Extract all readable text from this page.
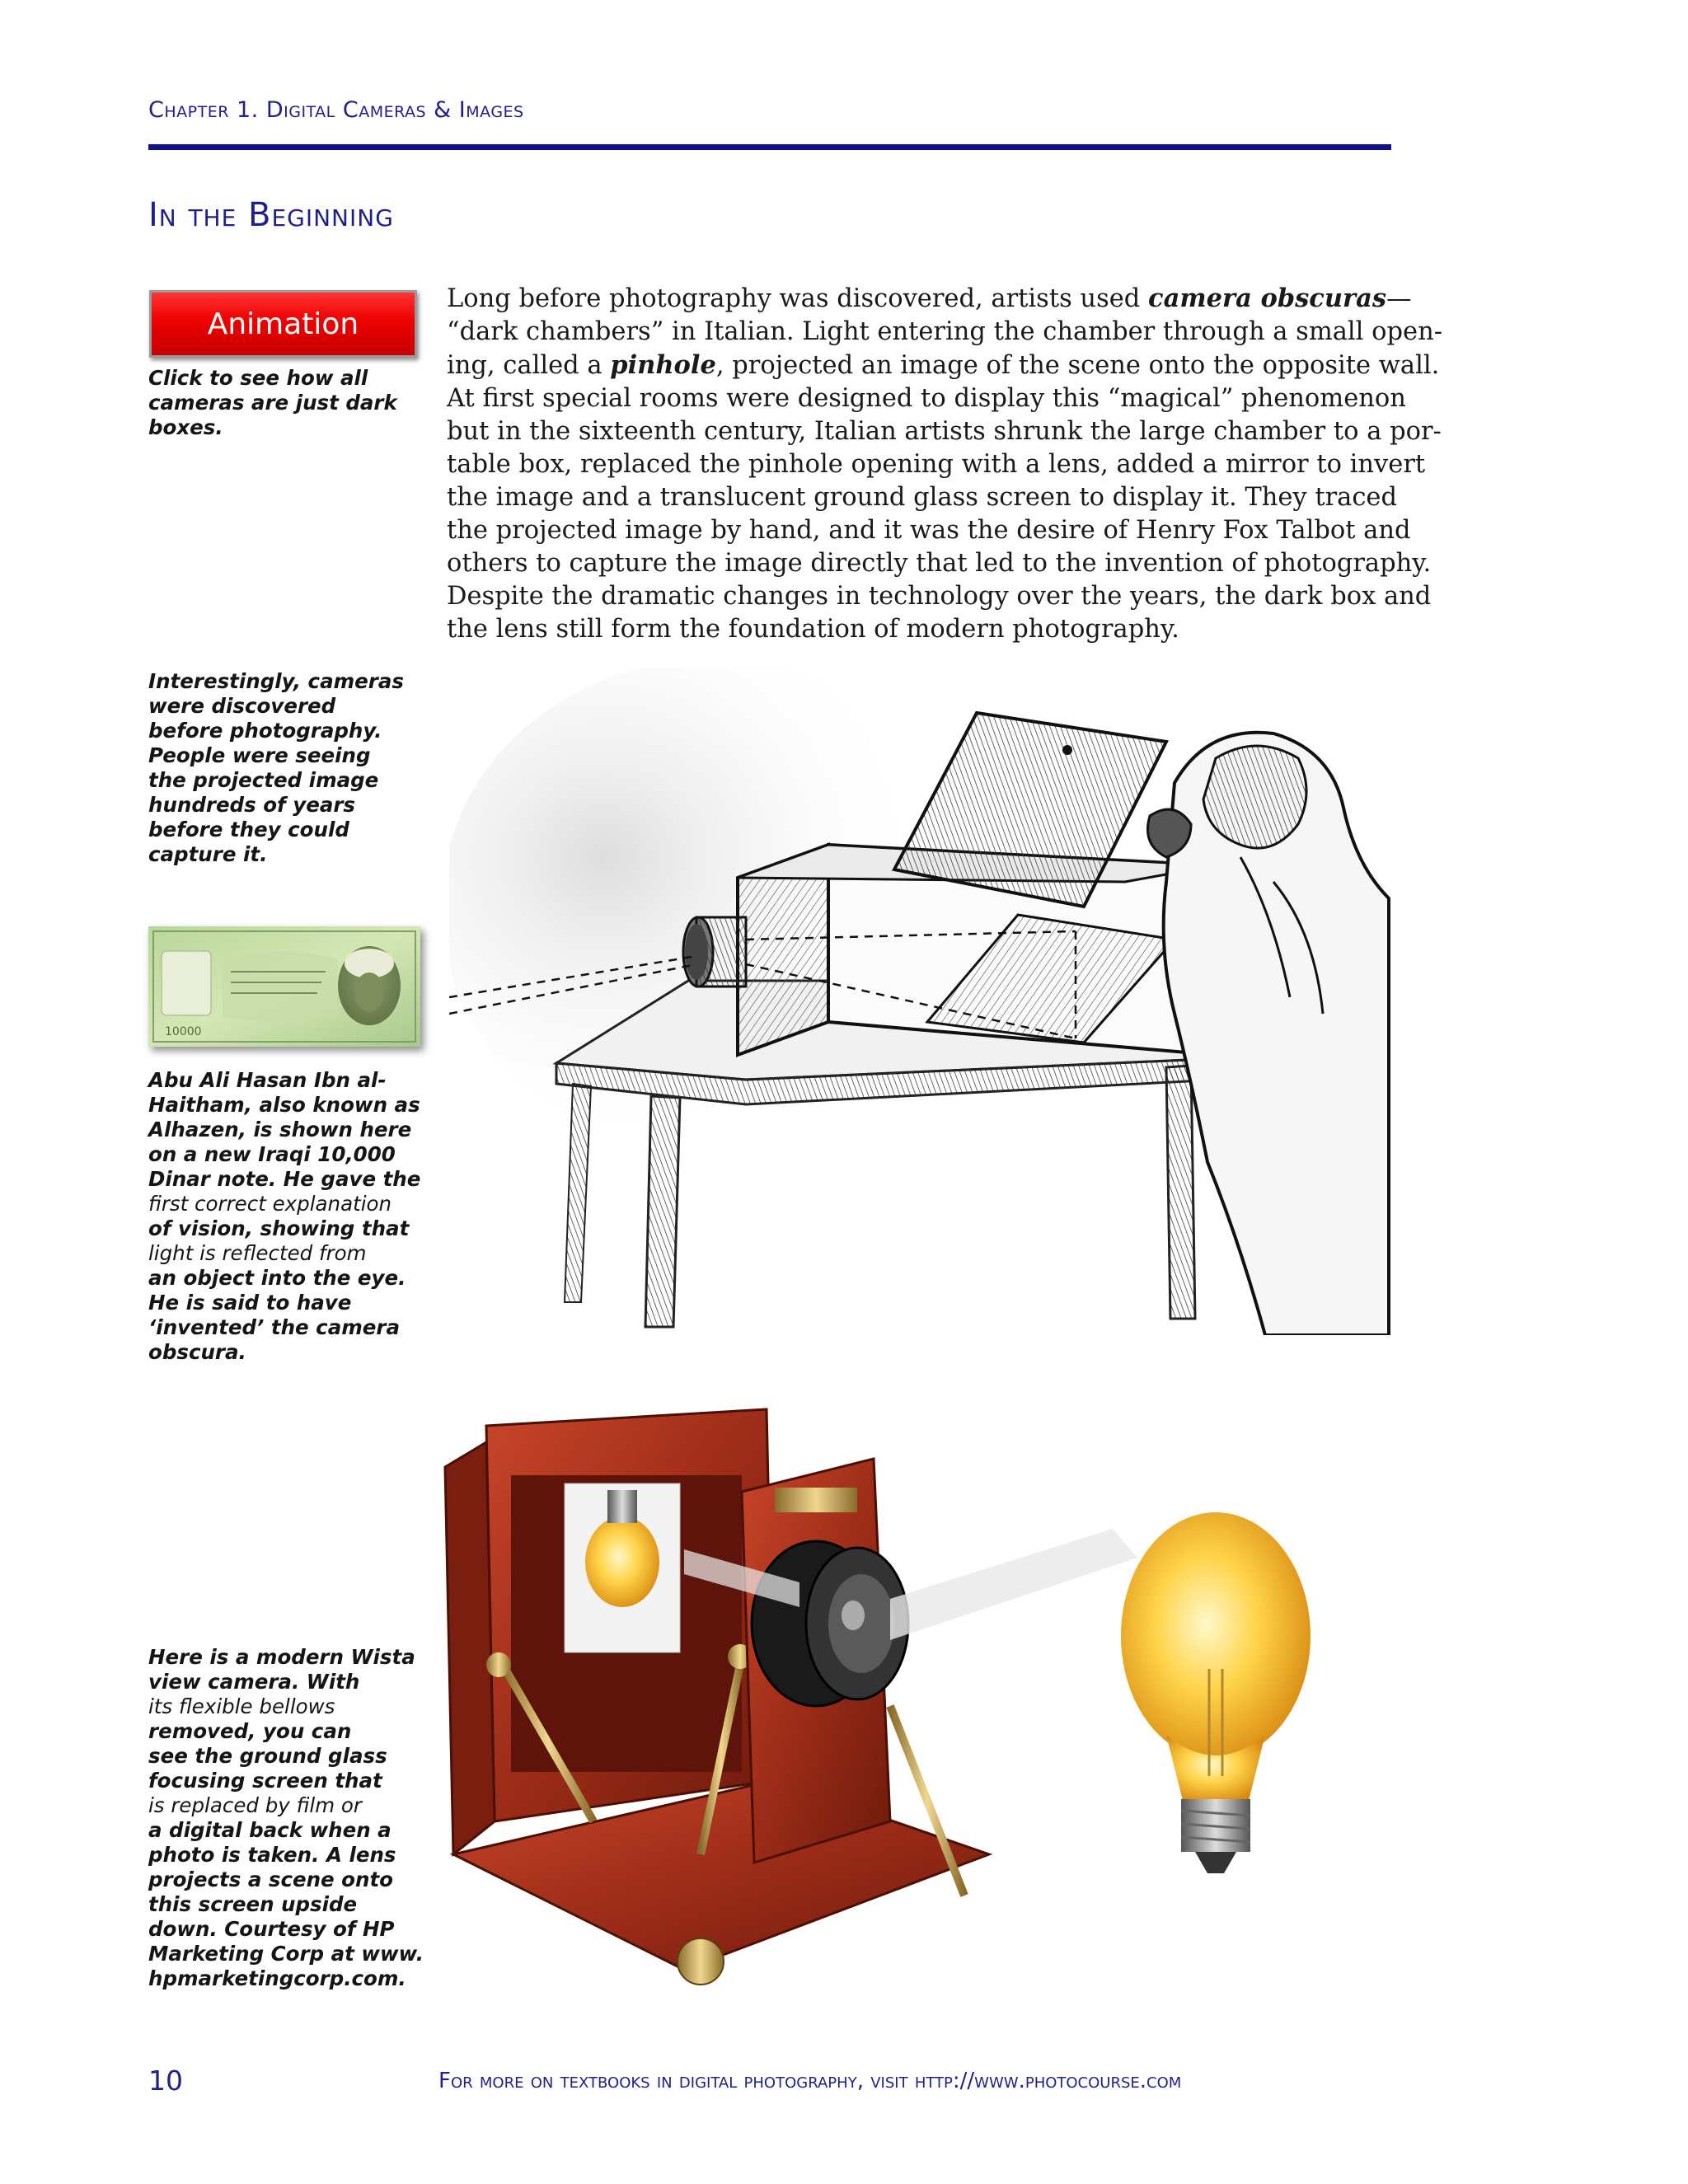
Chapter 1. Digital Cameras & Images
In the Beginning
Animation
Click to see how all
cameras are just dark
boxes.
Long before photography was discovered, artists used camera obscuras—
“dark chambers” in Italian. Light entering the chamber through a small open-
ing, called a pinhole, projected an image of the scene onto the opposite wall.
At first special rooms were designed to display this “magical” phenomenon
but in the sixteenth century, Italian artists shrunk the large chamber to a por-
table box, replaced the pinhole opening with a lens, added a mirror to invert
the image and a translucent ground glass screen to display it. They traced
the projected image by hand, and it was the desire of Henry Fox Talbot and
others to capture the image directly that led to the invention of photography.
Despite the dramatic changes in technology over the years, the dark box and
the lens still form the foundation of modern photography.
Interestingly, cameras
were discovered
before photography.
People were seeing
the projected image
hundreds of years
before they could
capture it.
10000
Abu Ali Hasan Ibn al-
Haitham, also known as
Alhazen, is shown here
on a new Iraqi 10,000
Dinar note. He gave the
first correct explanation
of vision, showing that
light is reflected from
an object into the eye.
He is said to have
‘invented’ the camera
obscura.
Here is a modern Wista
view camera. With
its flexible bellows
removed, you can
see the ground glass
focusing screen that
is replaced by film or
a digital back when a
photo is taken. A lens
projects a scene onto
this screen upside
down. Courtesy of HP
Marketing Corp at www.
hpmarketingcorp.com.
10	For more on textbooks in digital photography, visit http://www.photocourse.com
